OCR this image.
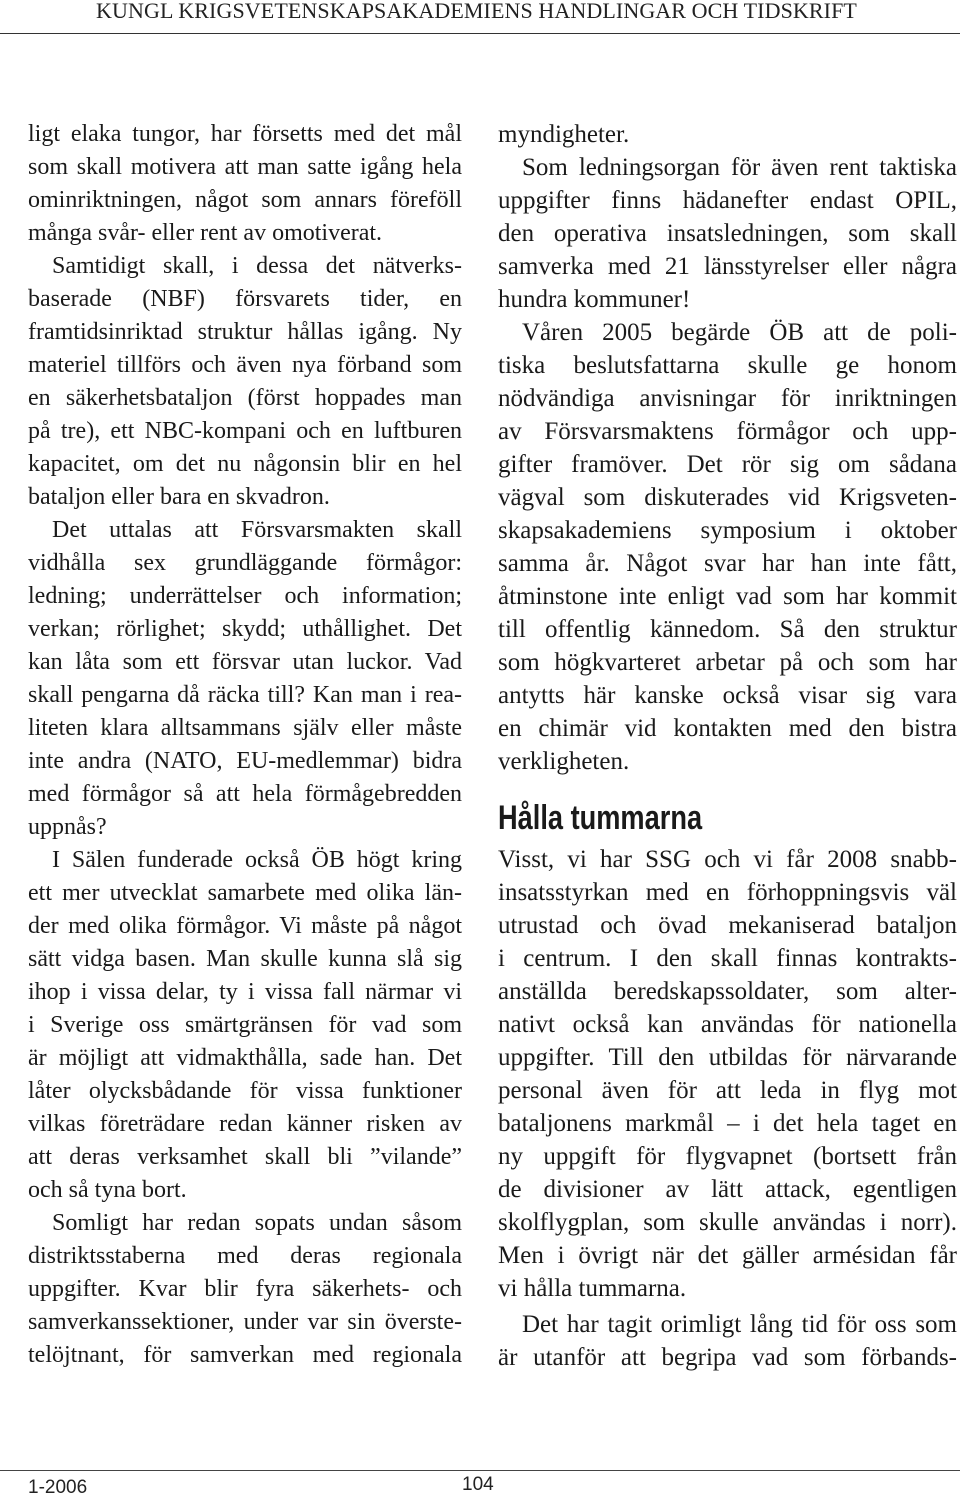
KUNGL KRIGSVETENSKAPSAKADEMIENS HANDLINGAR OCH TIDSKRIFT
ligt elaka tungor, har försetts med det mål
som skall motivera att man satte igång hela
ominriktningen, något som annars föreföll
många svår- eller rent av omotiverat.
Samtidigt skall, i dessa det nätverks-
baserade (NBF) försvarets tider, en
framtidsinriktad struktur hållas igång. Ny
materiel tillförs och även nya förband som
en säkerhetsbataljon (först hoppades man
på tre), ett NBC-kompani och en luftburen
kapacitet, om det nu någonsin blir en hel
bataljon eller bara en skvadron.
Det uttalas att Försvarsmakten skall
vidhålla sex grundläggande förmågor:
ledning; underrättelser och information;
verkan; rörlighet; skydd; uthållighet. Det
kan låta som ett försvar utan luckor. Vad
skall pengarna då räcka till? Kan man i rea-
liteten klara alltsammans själv eller måste
inte andra (NATO, EU-medlemmar) bidra
med förmågor så att hela förmågebredden
uppnås?
I Sälen funderade också ÖB högt kring
ett mer utvecklat samarbete med olika län-
der med olika förmågor. Vi måste på något
sätt vidga basen. Man skulle kunna slå sig
ihop i vissa delar, ty i vissa fall närmar vi
i Sverige oss smärtgränsen för vad som
är möjligt att vidmakthålla, sade han. Det
låter olycksbådande för vissa funktioner
vilkas företrädare redan känner risken av
att deras verksamhet skall bli ”vilande”
och så tyna bort.
Somligt har redan sopats undan såsom
distriktsstaberna med deras regionala
uppgifter. Kvar blir fyra säkerhets- och
samverkanssektioner, under var sin överste-
telöjtnant, för samverkan med regionala
myndigheter.
Som ledningsorgan för även rent taktiska
uppgifter finns hädanefter endast OPIL,
den operativa insatsledningen, som skall
samverka med 21 länsstyrelser eller några
hundra kommuner!
Våren 2005 begärde ÖB att de poli-
tiska beslutsfattarna skulle ge honom
nödvändiga anvisningar för inriktningen
av Försvarsmaktens förmågor och upp-
gifter framöver. Det rör sig om sådana
vägval som diskuterades vid Krigsveten-
skapsakademiens symposium i oktober
samma år. Något svar har han inte fått,
åtminstone inte enligt vad som har kommit
till offentlig kännedom. Så den struktur
som högkvarteret arbetar på och som har
antytts här kanske också visar sig vara
en chimär vid kontakten med den bistra
verkligheten.
Hålla tummarna
Visst, vi har SSG och vi får 2008 snabb-
insatsstyrkan med en förhoppningsvis väl
utrustad och övad mekaniserad bataljon
i centrum. I den skall finnas kontrakts-
anställda beredskapssoldater, som alter-
nativt också kan användas för nationella
uppgifter. Till den utbildas för närvarande
personal även för att leda in flyg mot
bataljonens markmål – i det hela taget en
ny uppgift för flygvapnet (bortsett från
de divisioner av lätt attack, egentligen
skolflygplan, som skulle användas i norr).
Men i övrigt när det gäller armésidan får
vi hålla tummarna.
Det har tagit orimligt lång tid för oss som
är utanför att begripa vad som förbands-
1-2006	104
